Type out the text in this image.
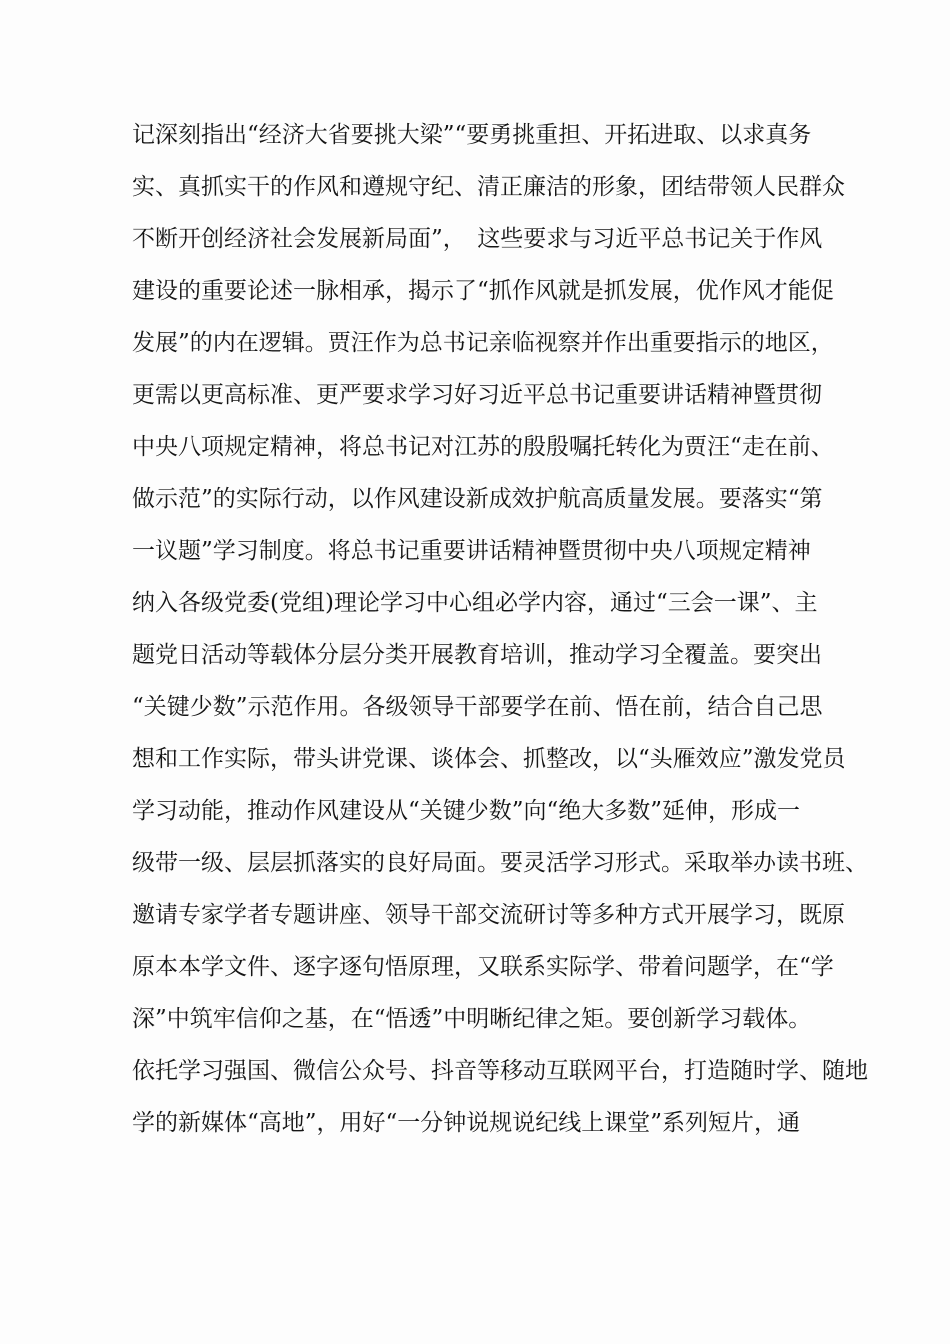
记深刻指出“经济大省要挑大梁”“要勇挑重担、开拓进取、以求真务
实、真抓实干的作风和遵规守纪、清正廉洁的形象，团结带领人民群众
不断开创经济社会发展新局面”，　这些要求与习近平总书记关于作风
建设的重要论述一脉相承，揭示了“抓作风就是抓发展，优作风才能促
发展”的内在逻辑。贾汪作为总书记亲临视察并作出重要指示的地区，
更需以更高标准、更严要求学习好习近平总书记重要讲话精神暨贯彻
中央八项规定精神，将总书记对江苏的殷殷嘱托转化为贾汪“走在前、
做示范”的实际行动，以作风建设新成效护航高质量发展。要落实“第
一议题”学习制度。将总书记重要讲话精神暨贯彻中央八项规定精神
纳入各级党委(党组)理论学习中心组必学内容，通过“三会一课”、主
题党日活动等载体分层分类开展教育培训，推动学习全覆盖。要突出
“关键少数”示范作用。各级领导干部要学在前、悟在前，结合自己思
想和工作实际，带头讲党课、谈体会、抓整改，以“头雁效应”激发党员
学习动能，推动作风建设从“关键少数”向“绝大多数”延伸，形成一
级带一级、层层抓落实的良好局面。要灵活学习形式。采取举办读书班、
邀请专家学者专题讲座、领导干部交流研讨等多种方式开展学习，既原
原本本学文件、逐字逐句悟原理，又联系实际学、带着问题学，在“学
深”中筑牢信仰之基，在“悟透”中明晰纪律之矩。要创新学习载体。
依托学习强国、微信公众号、抖音等移动互联网平台，打造随时学、随地
学的新媒体“高地”，用好“一分钟说规说纪线上课堂”系列短片，通
